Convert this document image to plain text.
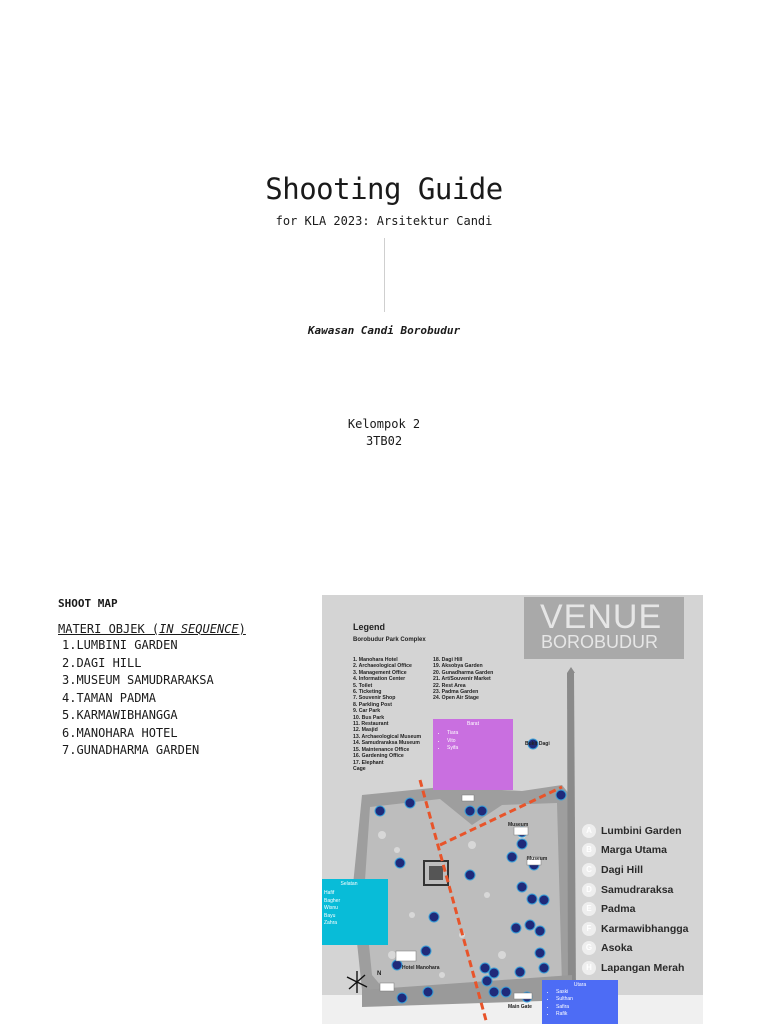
Shooting Guide
for KLA 2023: Arsitektur Candi
Kawasan Candi Borobudur
Kelompok 2
3TB02
SHOOT MAP
MATERI OBJEK (IN SEQUENCE)
1.LUMBINI GARDEN
2.DAGI HILL
3.MUSEUM SAMUDRARAKSA
4.TAMAN PADMA
5.KARMAWIBHANGGA
6.MANOHARA HOTEL
7.GUNADHARMA GARDEN
VENUE
BOROBUDUR
Legend
Borobudur Park Complex
1. Manohara Hotel
2. Archaeological Office
3. Management Office
4. Information Center
5. Toilet
6. Ticketing
7. Souvenir Shop
8. Parkling Post
9. Car Park
10. Bus Park
11. Restaurant
12. Masjid
13. Archaeological Museum
14. Samudraraksa Museum
15. Maintenance Office
16. Gardening Office
17. Elephant
Cage
18. Dagi Hill
19. Aksobya Garden
20. Gunadharma Garden
21. Art/Souvenir Market
22. Rest Area
23. Padma Garden
24. Open Air Stage
Barat
• Tiara
• Vito
• Syifa
Selatan
• Hafif
• Bagher
• Wisnu
• Bayu
• Zahra
Utara
• Saski
• Sulthan
• Safira
• Rafik
A Lumbini Garden
B Marga Utama
C Dagi Hill
D Samudraraksa
E Padma
F Karmawibhangga
G Asoka
H Lapangan Merah
Bukit Dagi
Museum
Museum
Hotel Manohara
Main Gate
N
